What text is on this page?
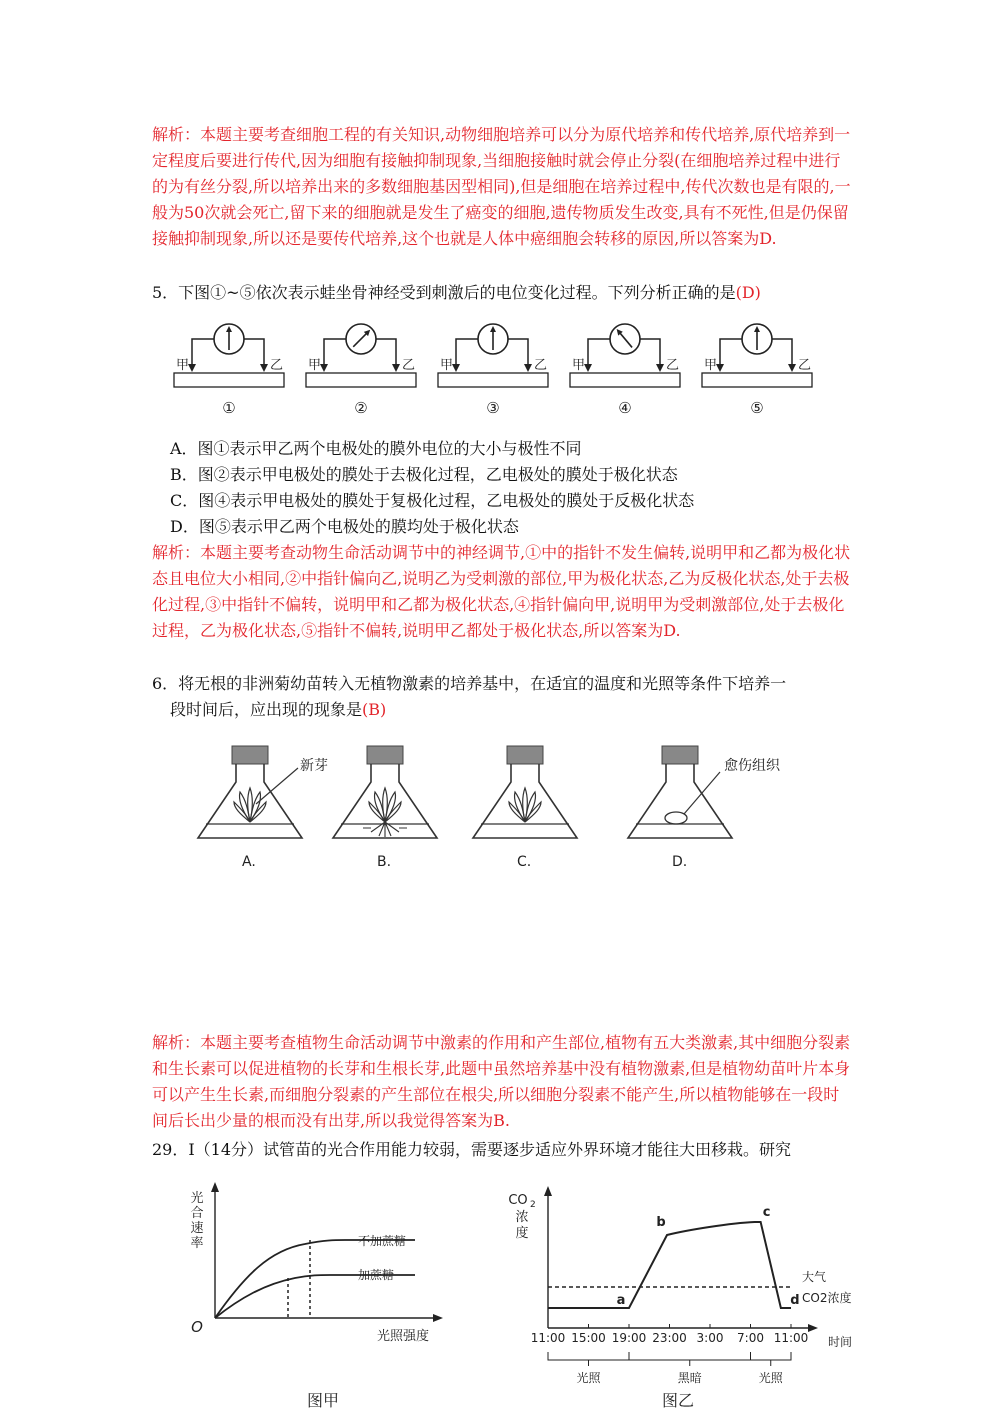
解析：本题主要考查细胞工程的有关知识,动物细胞培养可以分为原代培养和传代培养,原代培养到一定程度后要进行传代,因为细胞有接触抑制现象,当细胞接触时就会停止分裂(在细胞培养过程中进行的为有丝分裂,所以培养出来的多数细胞基因型相同),但是细胞在培养过程中,传代次数也是有限的,一般为50次就会死亡,留下来的细胞就是发生了癌变的细胞,遗传物质发生改变,具有不死性,但是仍保留接触抑制现象,所以还是要传代培养,这个也就是人体中癌细胞会转移的原因,所以答案为D.
5．下图①~⑤依次表示蛙坐骨神经受到刺激后的电位变化过程。下列分析正确的是(D)
甲	乙
①
甲	乙
②
甲	乙
③
甲	乙
④
甲	乙
⑤
A．图①表示甲乙两个电极处的膜外电位的大小与极性不同
B．图②表示甲电极处的膜处于去极化过程，乙电极处的膜处于极化状态
C．图④表示甲电极处的膜处于复极化过程，乙电极处的膜处于反极化状态
D．图⑤表示甲乙两个电极处的膜均处于极化状态
解析：本题主要考查动物生命活动调节中的神经调节,①中的指针不发生偏转,说明甲和乙都为极化状态且电位大小相同,②中指针偏向乙,说明乙为受刺激的部位,甲为极化状态,乙为反极化状态,处于去极化过程,③中指针不偏转，说明甲和乙都为极化状态,④指针偏向甲,说明甲为受刺激部位,处于去极化过程，乙为极化状态,⑤指针不偏转,说明甲乙都处于极化状态,所以答案为D.
6．将无根的非洲菊幼苗转入无植物激素的培养基中，在适宜的温度和光照等条件下培养一
段时间后，应出现的现象是(B)
A.	B.	C.	D.
新芽	愈伤组织
解析：本题主要考查植物生命活动调节中激素的作用和产生部位,植物有五大类激素,其中细胞分裂素和生长素可以促进植物的长芽和生根长芽,此题中虽然培养基中没有植物激素,但是植物幼苗叶片本身可以产生生长素,而细胞分裂素的产生部位在根尖,所以细胞分裂素不能产生,所以植物能够在一段时间后长出少量的根而没有出芽,所以我觉得答案为B.
29．Ⅰ（14分）试管苗的光合作用能力较弱，需要逐步适应外界环境才能往大田移栽。研究
光
合
速
率
O
光照强度
不加蔗糖
加蔗糖
图甲
CO 2
浓
度
11:00 15:00 19:00 23:00 3:00 7:00 11:00 时间
大气
CO2浓度
a
b
c
d
光照	黑暗	光照
图乙
